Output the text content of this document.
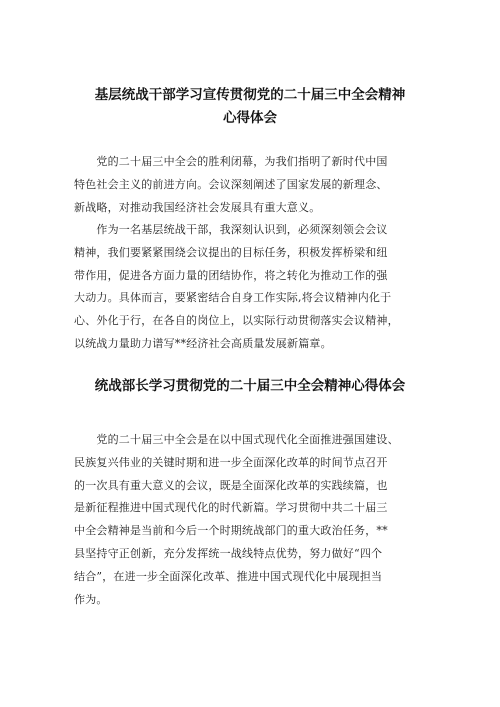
基层统战干部学习宣传贯彻党的二十届三中全会精神
心得体会

　　党的二十届三中全会的胜利闭幕，为我们指明了新时代中国
特色社会主义的前进方向。会议深刻阐述了国家发展的新理念、
新战略，对推动我国经济社会发展具有重大意义。

　　作为一名基层统战干部，我深刻认识到，必须深刻领会会议
精神，我们要紧紧围绕会议提出的目标任务，积极发挥桥梁和纽
带作用，促进各方面力量的团结协作，将之转化为推动工作的强
大动力。具体而言，要紧密结合自身工作实际,将会议精神内化于
心、外化于行，在各自的岗位上，以实际行动贯彻落实会议精神，
以统战力量助力谱写**经济社会高质量发展新篇章。

统战部长学习贯彻党的二十届三中全会精神心得体会

　　党的二十届三中全会是在以中国式现代化全面推进强国建设、
民族复兴伟业的关键时期和进一步全面深化改革的时间节点召开
的一次具有重大意义的会议，既是全面深化改革的实践续篇，也
是新征程推进中国式现代化的时代新篇。学习贯彻中共二十届三
中全会精神是当前和今后一个时期统战部门的重大政治任务，**
县坚持守正创新，充分发挥统一战线特点优势，努力做好“四个
结合”，在进一步全面深化改革、推进中国式现代化中展现担当
作为。
